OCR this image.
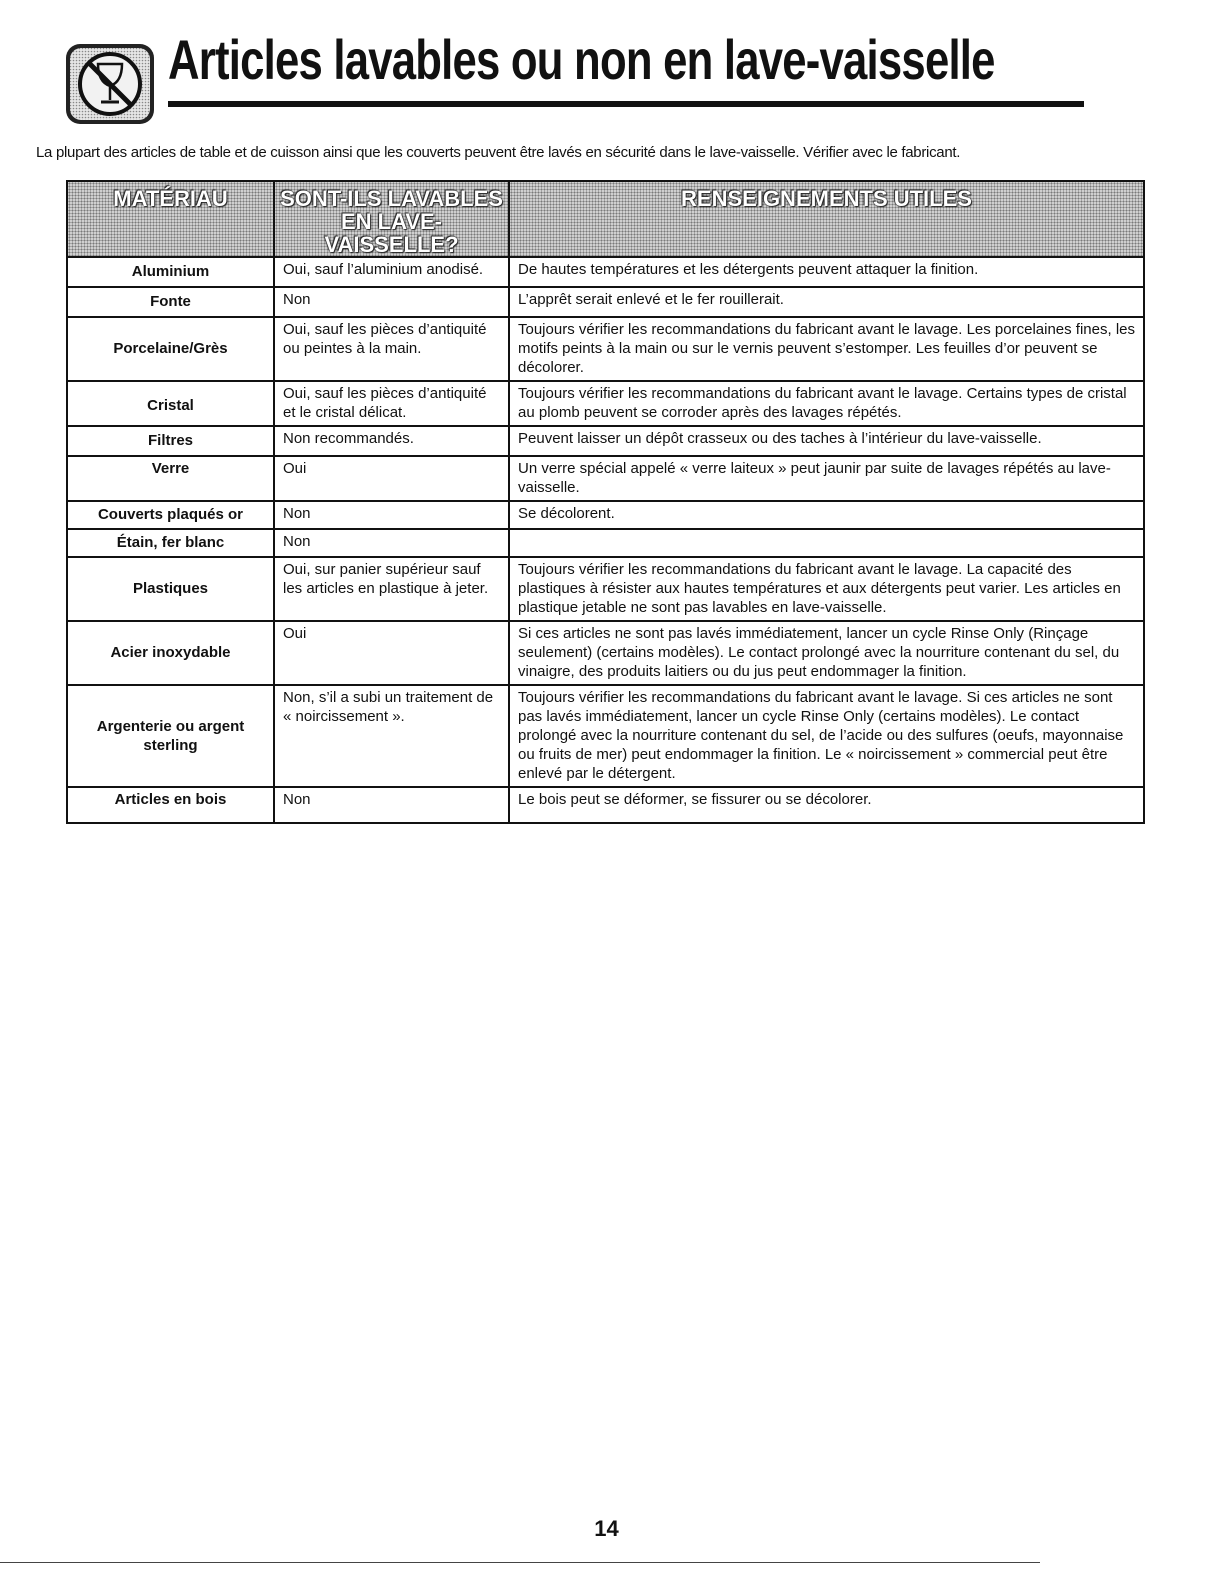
Articles lavables ou non en lave-vaisselle
La plupart des articles de table et de cuisson ainsi que les couverts peuvent être lavés en sécurité dans le lave-vaisselle. Vérifier avec le fabricant.
MATÉRIAU	SONT-ILS LAVABLES EN LAVE-VAISSELLE?	RENSEIGNEMENTS UTILES

Aluminium	Oui, sauf l’aluminium anodisé.	De hautes températures et les détergents peuvent attaquer la finition.
Fonte	Non	L’apprêt serait enlevé et le fer rouillerait.
Porcelaine/Grès	Oui, sauf les pièces d’antiquité ou peintes à la main.	Toujours vérifier les recommandations du fabricant avant le lavage. Les porcelaines fines, les motifs peints à la main ou sur le vernis peuvent s’estomper. Les feuilles d’or peuvent se décolorer.
Cristal	Oui, sauf les pièces d’antiquité et le cristal délicat.	Toujours vérifier les recommandations du fabricant avant le lavage. Certains types de cristal au plomb peuvent se corroder après des lavages répétés.
Filtres	Non recommandés.	Peuvent laisser un dépôt crasseux ou des taches à l’intérieur du lave-vaisselle.
Verre	Oui	Un verre spécial appelé « verre laiteux » peut jaunir par suite de lavages répétés au lave-vaisselle.
Couverts plaqués or	Non	Se décolorent.
Étain, fer blanc	Non	
Plastiques	Oui, sur panier supérieur sauf les articles en plastique à jeter.	Toujours vérifier les recommandations du fabricant avant le lavage. La capacité des plastiques à résister aux hautes températures et aux détergents peut varier. Les articles en plastique jetable ne sont pas lavables en lave-vaisselle.
Acier inoxydable	Oui	Si ces articles ne sont pas lavés immédiatement, lancer un cycle Rinse Only (Rinçage seulement) (certains modèles). Le contact prolongé avec la nourriture contenant du sel, du vinaigre, des produits laitiers ou du jus peut endommager la finition.
Argenterie ou argent sterling	Non, s’il a subi un traitement de « noircissement ».	Toujours vérifier les recommandations du fabricant avant le lavage. Si ces articles ne sont pas lavés immédiatement, lancer un cycle Rinse Only (certains modèles). Le contact prolongé avec la nourriture contenant du sel, de l’acide ou des sulfures (oeufs, mayonnaise ou fruits de mer) peut endommager la finition. Le « noircissement » commercial peut être enlevé par le détergent.
Articles en bois	Non	Le bois peut se déformer, se fissurer ou se décolorer.
14
